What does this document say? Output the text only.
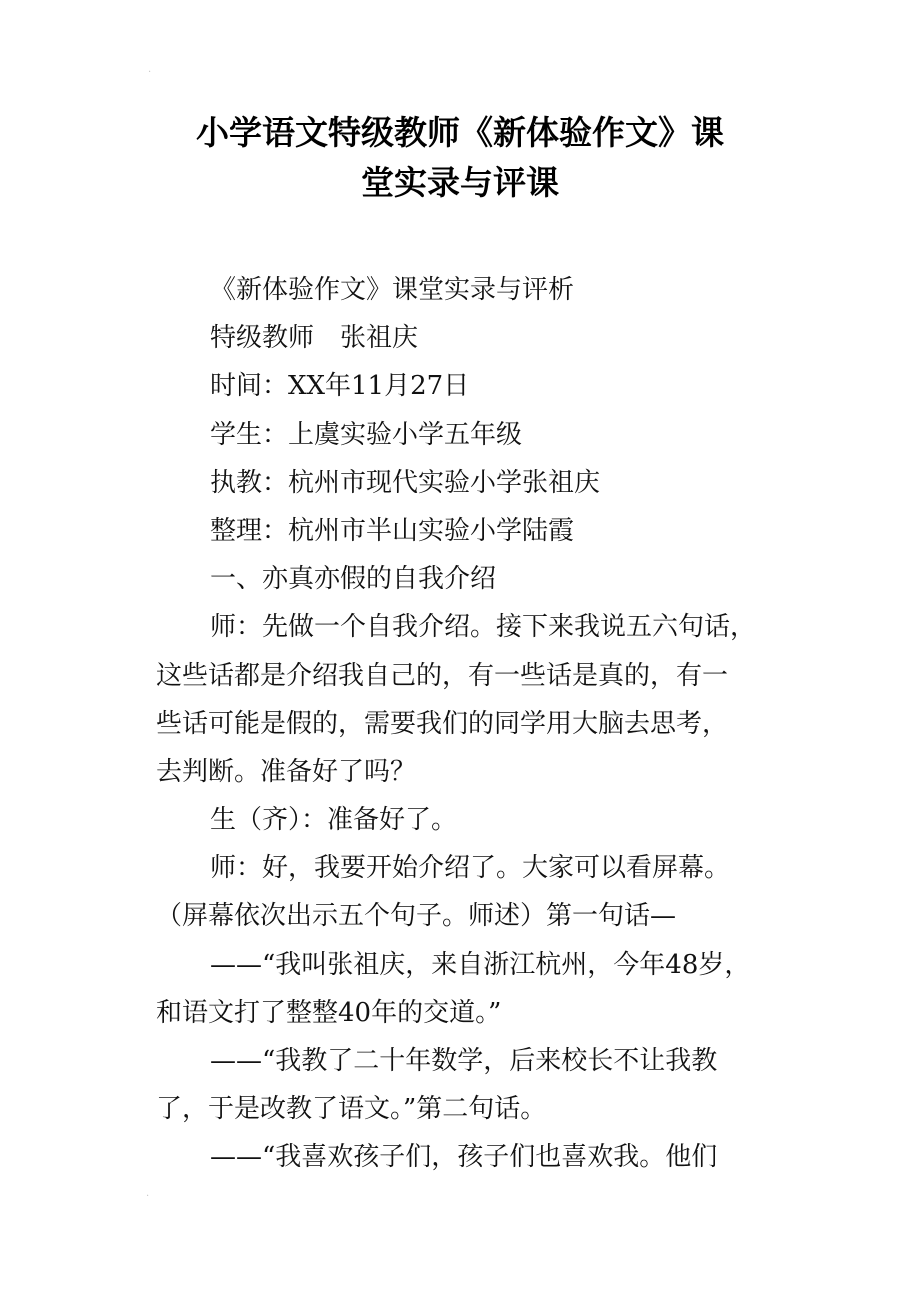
·
小学语文特级教师《新体验作文》课
堂实录与评课
《新体验作文》课堂实录与评析
特级教师　张祖庆
时间：XX年11月27日
学生：上虞实验小学五年级
执教：杭州市现代实验小学张祖庆
整理：杭州市半山实验小学陆霞
一、亦真亦假的自我介绍
师：先做一个自我介绍。接下来我说五六句话，
这些话都是介绍我自己的，有一些话是真的，有一
些话可能是假的，需要我们的同学用大脑去思考，
去判断。准备好了吗？
生（齐）：准备好了。
师：好，我要开始介绍了。大家可以看屏幕。
（屏幕依次出示五个句子。师述）第一句话—
——“我叫张祖庆，来自浙江杭州，今年48岁，
和语文打了整整40年的交道。”
——“我教了二十年数学，后来校长不让我教
了，于是改教了语文。”第二句话。
——“我喜欢孩子们，孩子们也喜欢我。他们
·
